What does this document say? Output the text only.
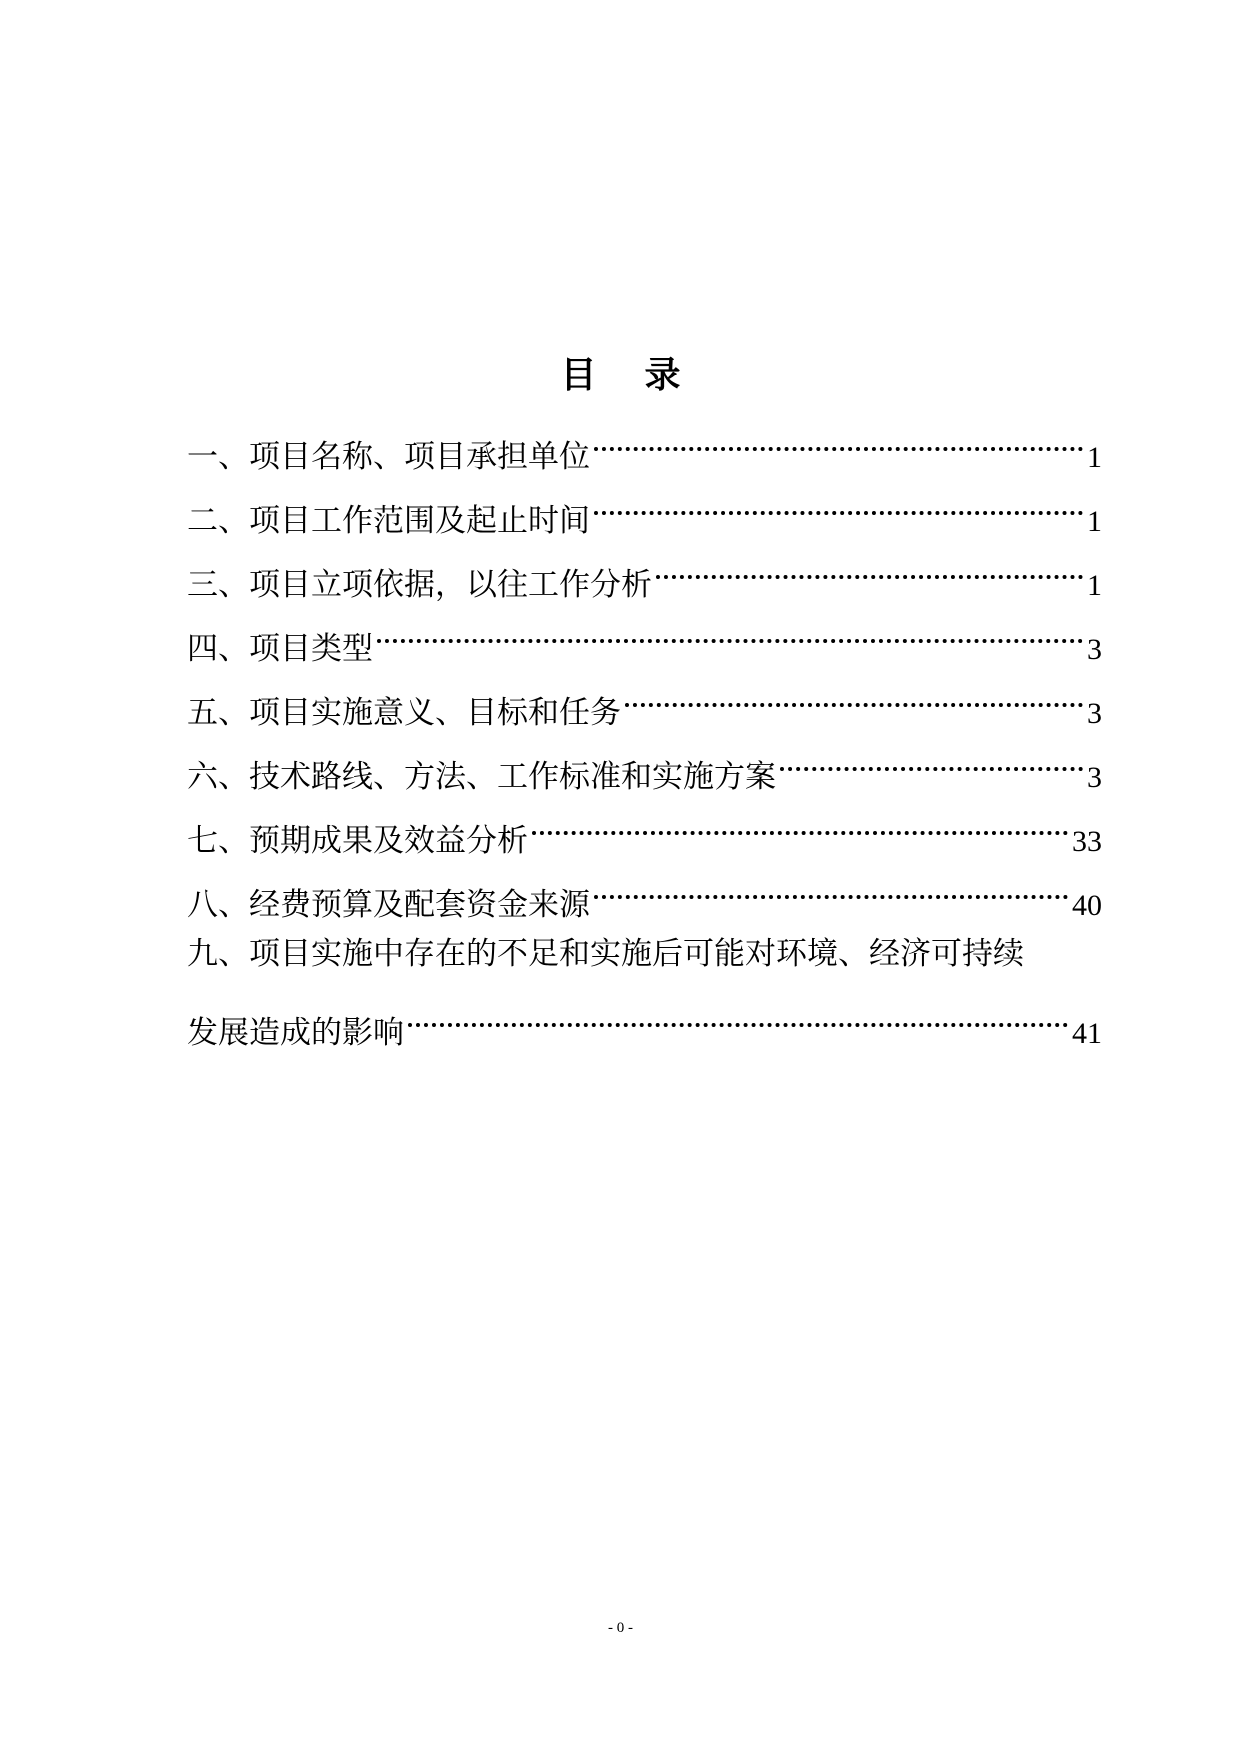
目 录
一、项目名称、项目承担单位	1
二、项目工作范围及起止时间	1
三、项目立项依据，以往工作分析	1
四、项目类型	3
五、项目实施意义、目标和任务	3
六、技术路线、方法、工作标准和实施方案	3
七、预期成果及效益分析	33
八、经费预算及配套资金来源	40
九、项目实施中存在的不足和实施后可能对环境、经济可持续
发展造成的影响	41
- 0 -
